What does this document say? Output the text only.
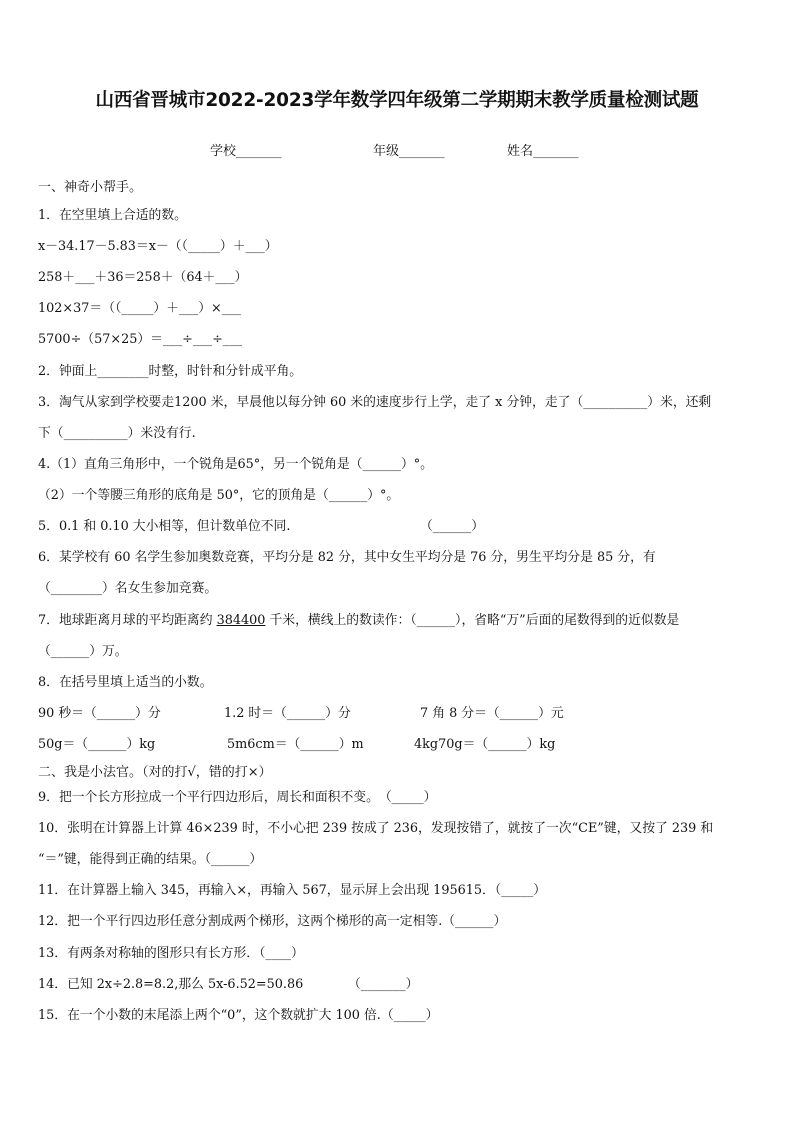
山西省晋城市2022-2023学年数学四年级第二学期期末教学质量检测试题
学校_______	年级_______	姓名_______
一、神奇小帮手。
1．在空里填上合适的数。
x－34.17－5.83＝x－（（_____）＋___）
258＋___＋36＝258＋（64＋___）
102×37＝（（_____）＋___）×___
5700÷（57×25）＝___÷___÷___
2．钟面上________时整，时针和分针成平角。
3．淘气从家到学校要走1200 米，早晨他以每分钟 60 米的速度步行上学，走了 x 分钟，走了（__________）米，还剩
下（__________）米没有行.
4.（1）直角三角形中，一个锐角是65°，另一个锐角是（______）°。
（2）一个等腰三角形的底角是 50°，它的顶角是（______）°。
5．0.1 和 0.10 大小相等，但计数单位不同.	（______）
6．某学校有 60 名学生参加奥数竞赛，平均分是 82 分，其中女生平均分是 76 分，男生平均分是 85 分，有
（________）名女生参加竞赛。
7．地球距离月球的平均距离约 384400 千米，横线上的数读作：（______），省略“万”后面的尾数得到的近似数是
（______）万。
8．在括号里填上适当的小数。
90 秒＝（______）分	1.2 时＝（______）分	7 角 8 分＝（______）元
50g＝（______）kg	5m6cm＝（______）m	4kg70g＝（______）kg
二、我是小法官。（对的打√，错的打×）
9．把一个长方形拉成一个平行四边形后，周长和面积不变。　（_____）
10．张明在计算器上计算 46×239 时，不小心把 239 按成了 236，发现按错了，就按了一次“CE”键，又按了 239 和
“＝”键，能得到正确的结果。（______）
11．在计算器上输入 345，再输入×，再输入 567，显示屏上会出现 195615．（_____）
12．把一个平行四边形任意分割成两个梯形，这两个梯形的高一定相等.（______）
13．有两条对称轴的图形只有长方形．（____）
14．已知 2x÷2.8=8.2,那么 5x-6.52=50.86	（_______）
15．在一个小数的末尾添上两个“0”，这个数就扩大 100 倍.（_____）
